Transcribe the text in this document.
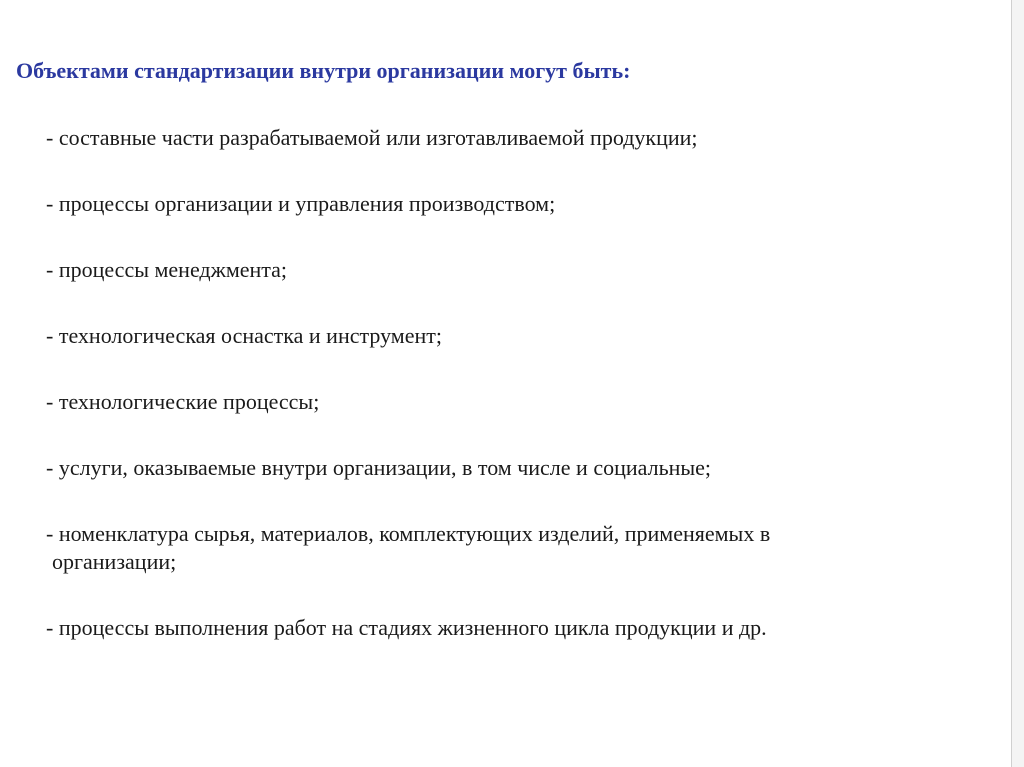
Объектами стандартизации внутри организации могут быть:
- составные части разрабатываемой или изготавливаемой продукции;
- процессы организации и управления производством;
- процессы менеджмента;
- технологическая оснастка и инструмент;
- технологические процессы;
- услуги, оказываемые внутри организации, в том числе и социальные;
- номенклатура сырья, материалов, комплектующих изделий, применяемых в
организации;
- процессы выполнения работ на стадиях жизненного цикла продукции и др.
